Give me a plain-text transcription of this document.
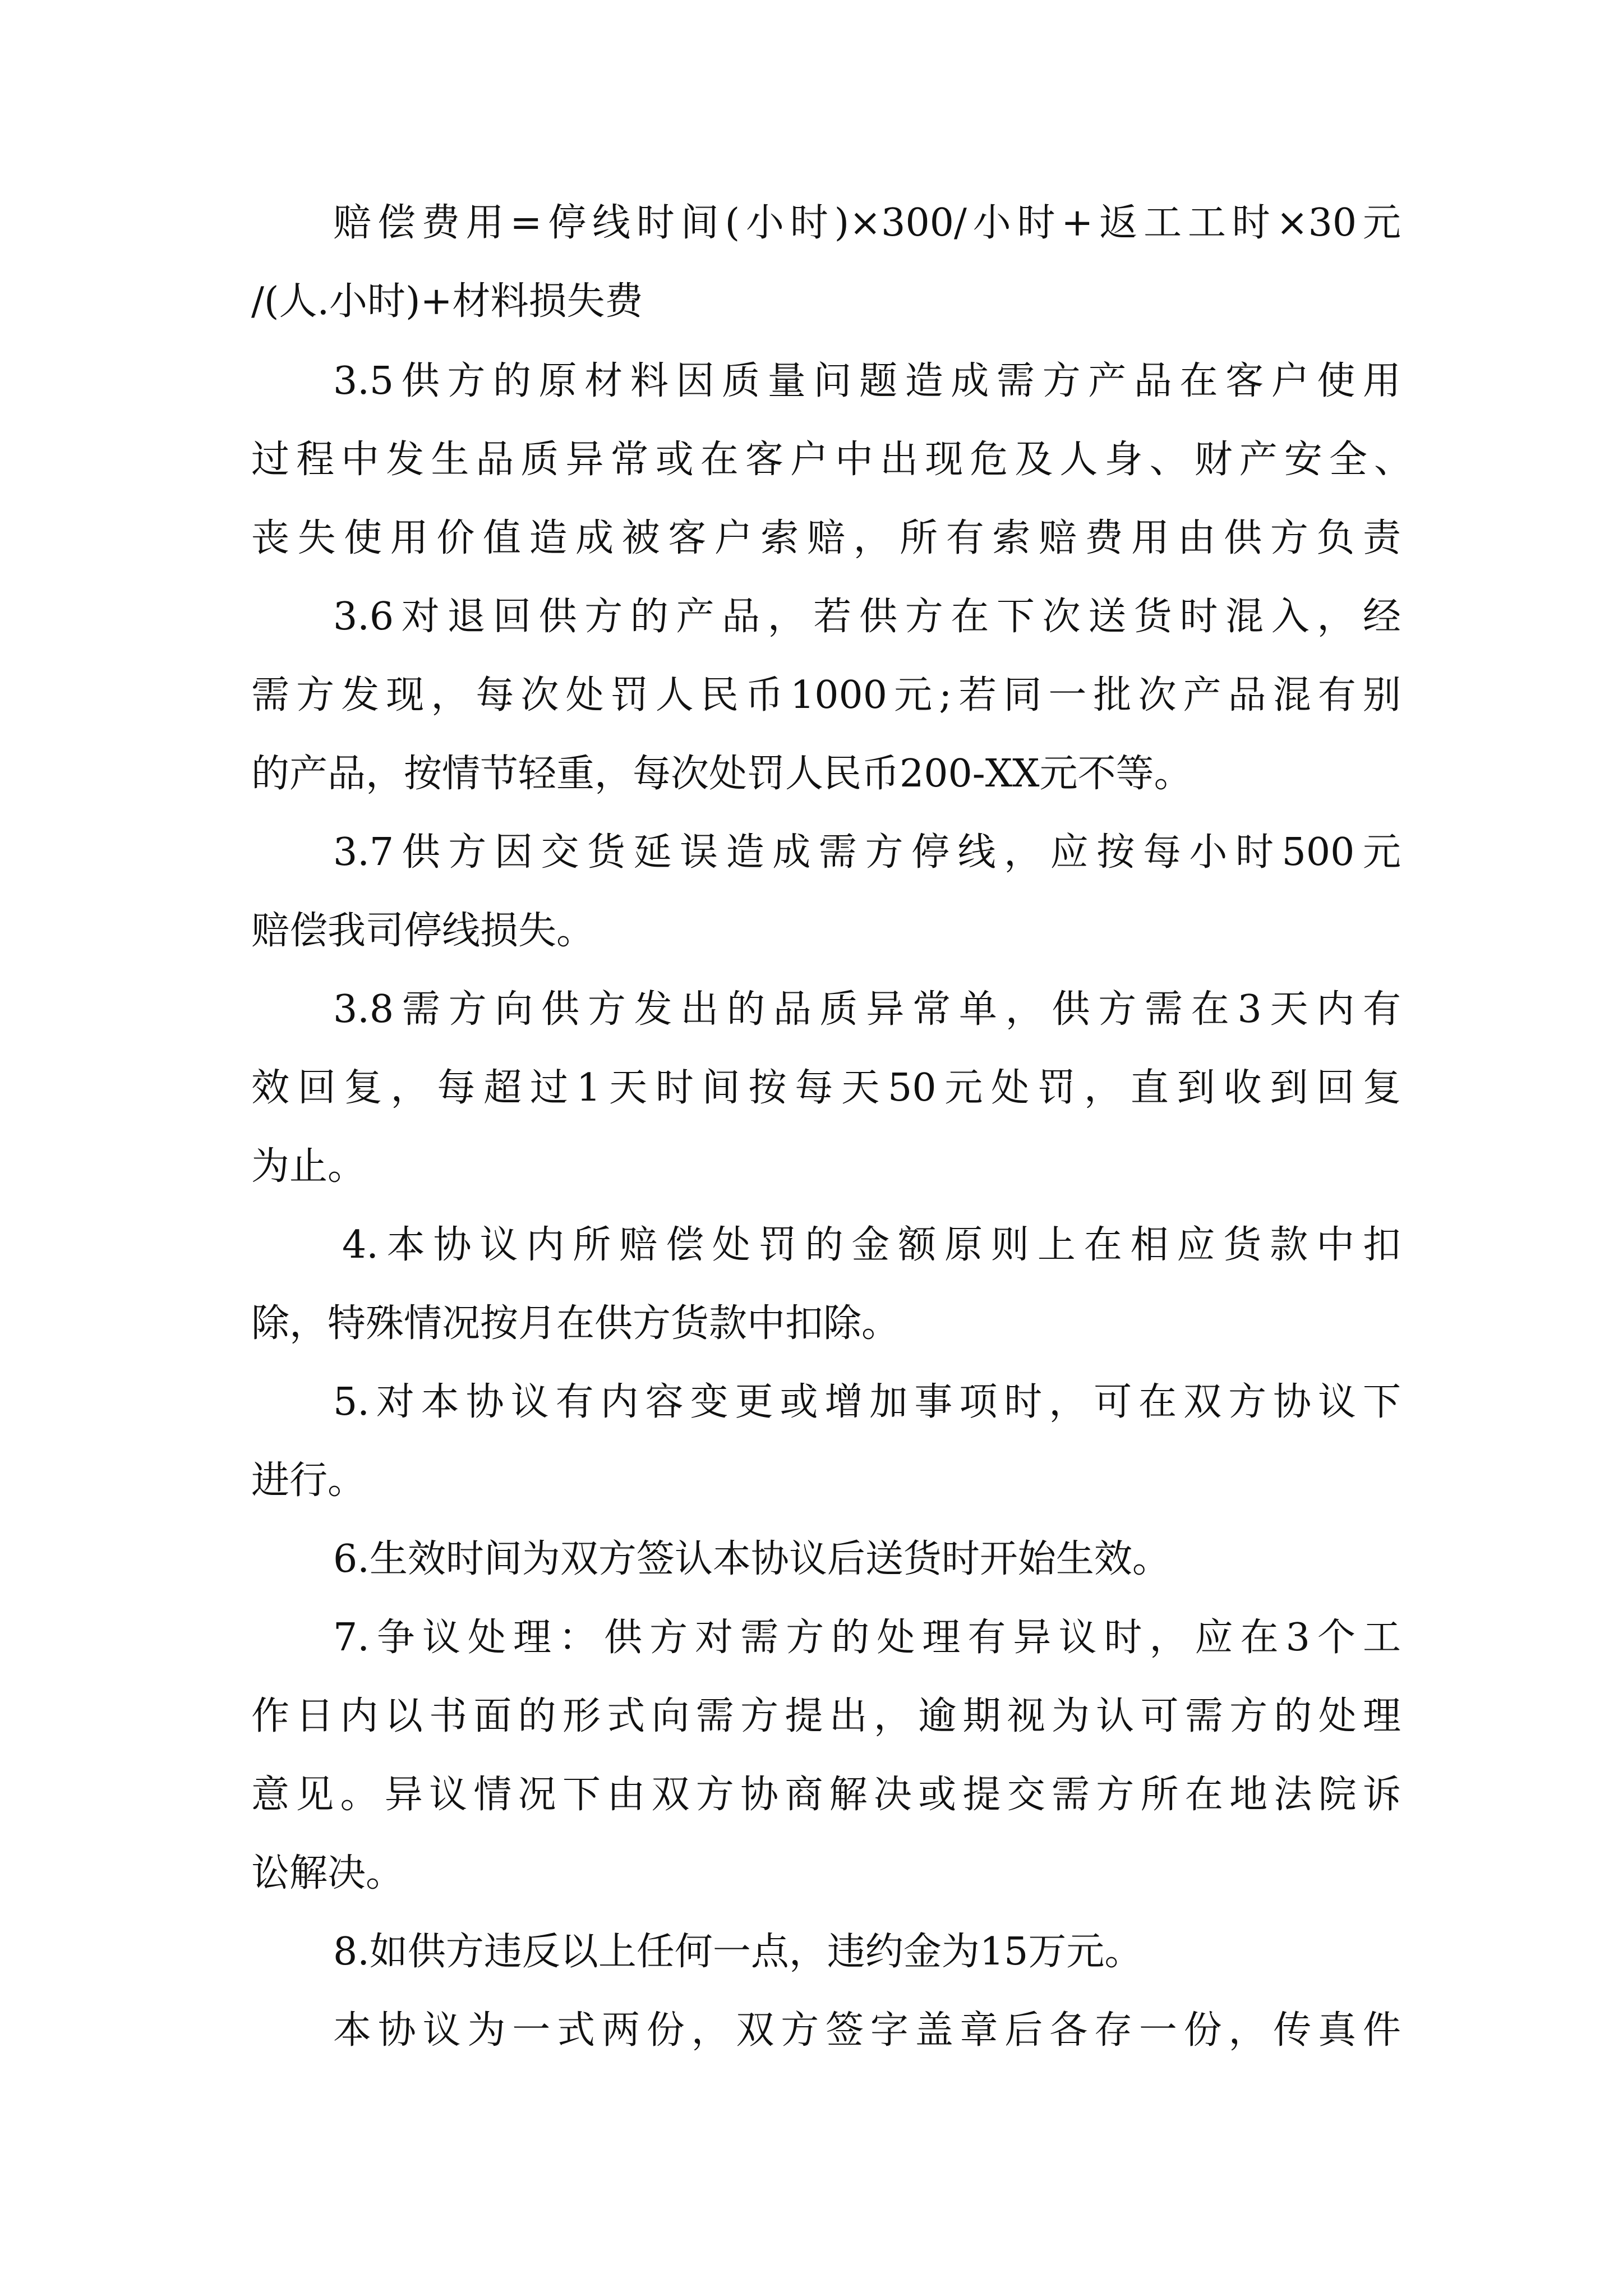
赔偿费用=停线时间(小时)×300/小时+返工工时×30元

/(人.小时)+材料损失费

3.5供方的原材料因质量问题造成需方产品在客户使用

过程中发生品质异常或在客户中出现危及人身、财产安全、

丧失使用价值造成被客户索赔，所有索赔费用由供方负责

3.6对退回供方的产品，若供方在下次送货时混入，经

需方发现，每次处罚人民币1000元;若同一批次产品混有别

的产品，按情节轻重，每次处罚人民币200-XX元不等。

3.7供方因交货延误造成需方停线，应按每小时500元

赔偿我司停线损失。

3.8需方向供方发出的品质异常单，供方需在3天内有

效回复，每超过1天时间按每天50元处罚，直到收到回复

为止。

4.本协议内所赔偿处罚的金额原则上在相应货款中扣

除，特殊情况按月在供方货款中扣除。

5.对本协议有内容变更或增加事项时，可在双方协议下

进行。

6.生效时间为双方签认本协议后送货时开始生效。

7.争议处理：供方对需方的处理有异议时，应在3个工

作日内以书面的形式向需方提出，逾期视为认可需方的处理

意见。异议情况下由双方协商解决或提交需方所在地法院诉

讼解决。

8.如供方违反以上任何一点，违约金为15万元。

本协议为一式两份，双方签字盖章后各存一份，传真件
